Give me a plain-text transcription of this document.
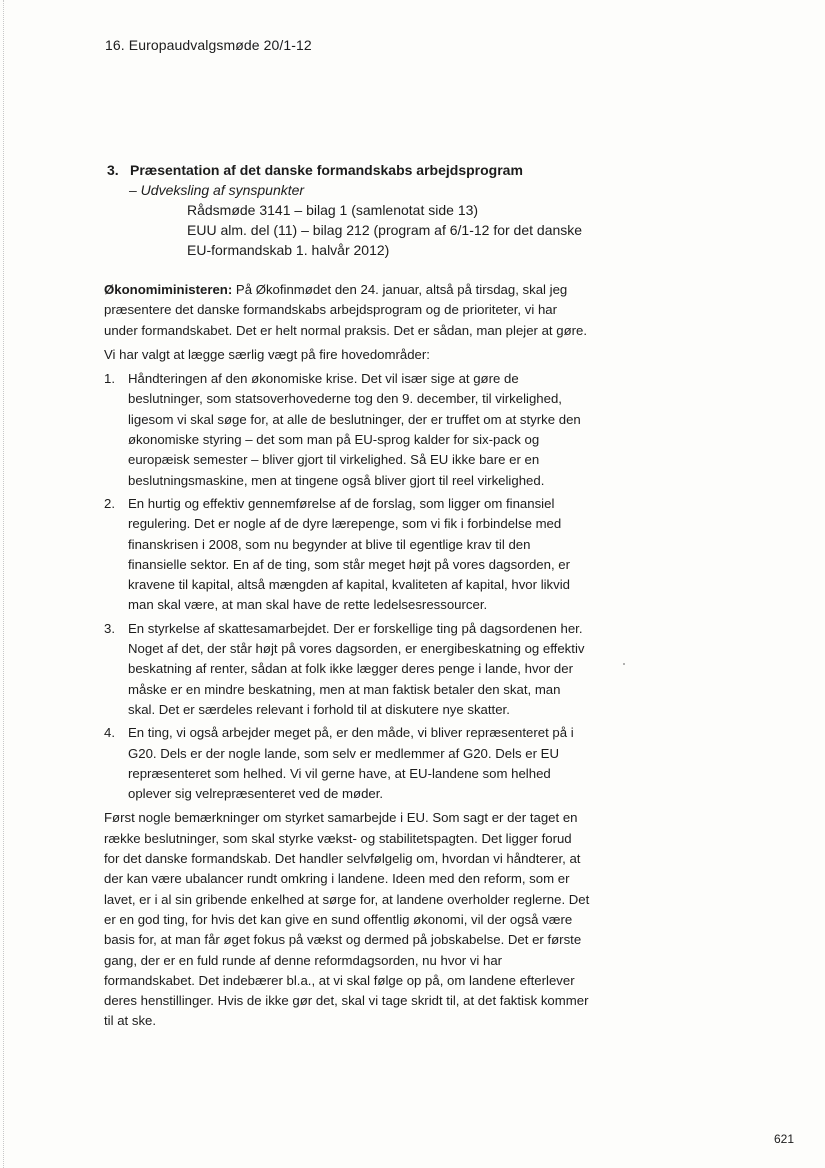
16. Europaudvalgsmøde 20/1-12
3. Præsentation af det danske formandskabs arbejdsprogram
– Udveksling af synspunkter
Rådsmøde 3141 – bilag 1 (samlenotat side 13)
EUU alm. del (11) – bilag 212 (program af 6/1-12 for det danske
EU-formandskab 1. halvår 2012)

Økonomiministeren: På Økofinmødet den 24. januar, altså på tirsdag, skal jeg præsentere det danske formandskabs arbejdsprogram og de prioriteter, vi har under formandskabet. Det er helt normal praksis. Det er sådan, man plejer at gøre.

Vi har valgt at lægge særlig vægt på fire hovedområder:

1. Håndteringen af den økonomiske krise. Det vil især sige at gøre de beslutninger, som statsoverhovederne tog den 9. december, til virkelighed, ligesom vi skal søge for, at alle de beslutninger, der er truffet om at styrke den økonomiske styring – det som man på EU-sprog kalder for six-pack og europæisk semester – bliver gjort til virkelighed. Så EU ikke bare er en beslutningsmaskine, men at tingene også bliver gjort til reel virkelighed.
2. En hurtig og effektiv gennemførelse af de forslag, som ligger om finansiel regulering. Det er nogle af de dyre lærepenge, som vi fik i forbindelse med finanskrisen i 2008, som nu begynder at blive til egentlige krav til den finansielle sektor. En af de ting, som står meget højt på vores dagsorden, er kravene til kapital, altså mængden af kapital, kvaliteten af kapital, hvor likvid man skal være, at man skal have de rette ledelsesressourcer.
3. En styrkelse af skattesamarbejdet. Der er forskellige ting på dagsordenen her. Noget af det, der står højt på vores dagsorden, er energibeskatning og effektiv beskatning af renter, sådan at folk ikke lægger deres penge i lande, hvor der måske er en mindre beskatning, men at man faktisk betaler den skat, man skal. Det er særdeles relevant i forhold til at diskutere nye skatter.
4. En ting, vi også arbejder meget på, er den måde, vi bliver repræsenteret på i G20. Dels er der nogle lande, som selv er medlemmer af G20. Dels er EU repræsenteret som helhed. Vi vil gerne have, at EU-landene som helhed oplever sig velrepræsenteret ved de møder.

Først nogle bemærkninger om styrket samarbejde i EU. Som sagt er der taget en række beslutninger, som skal styrke vækst- og stabilitetspagten. Det ligger forud for det danske formandskab. Det handler selvfølgelig om, hvordan vi håndterer, at der kan være ubalancer rundt omkring i landene. Ideen med den reform, som er lavet, er i al sin gribende enkelhed at sørge for, at landene overholder reglerne. Det er en god ting, for hvis det kan give en sund offentlig økonomi, vil der også være basis for, at man får øget fokus på vækst og dermed på jobskabelse. Det er første gang, der er en fuld runde af denne reformdagsorden, nu hvor vi har formandskabet. Det indebærer bl.a., at vi skal følge op på, om landene efterlever deres henstillinger. Hvis de ikke gør det, skal vi tage skridt til, at det faktisk kommer til at ske.

621
